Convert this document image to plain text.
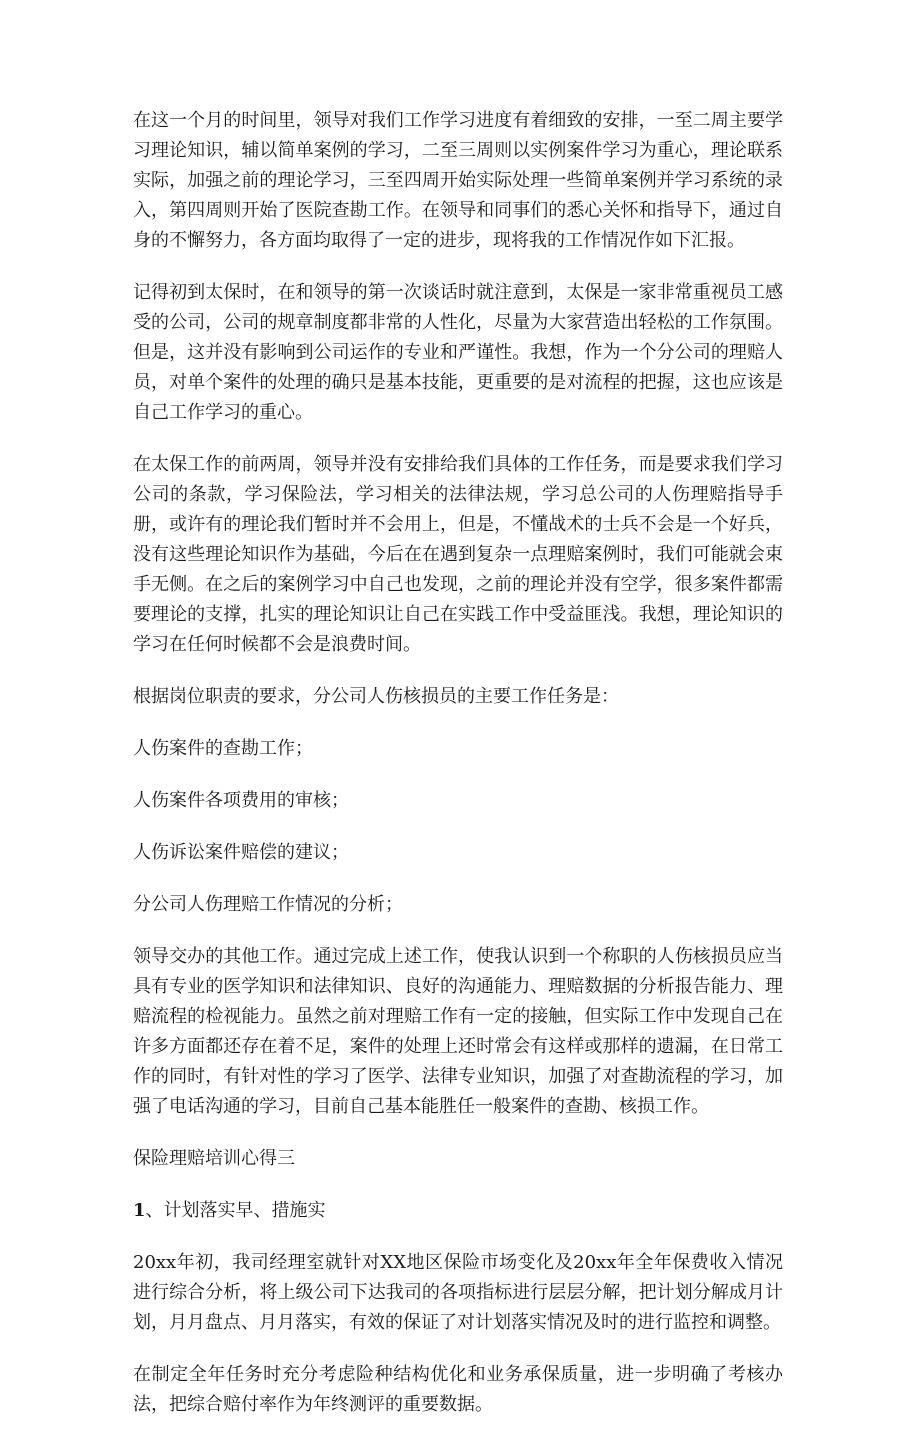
在这一个月的时间里，领导对我们工作学习进度有着细致的安排，一至二周主要学习理论知识，辅以简单案例的学习，二至三周则以实例案件学习为重心，理论联系实际，加强之前的理论学习，三至四周开始实际处理一些简单案例并学习系统的录入，第四周则开始了医院查勘工作。在领导和同事们的悉心关怀和指导下，通过自身的不懈努力，各方面均取得了一定的进步，现将我的工作情况作如下汇报。

记得初到太保时，在和领导的第一次谈话时就注意到，太保是一家非常重视员工感受的公司，公司的规章制度都非常的人性化，尽量为大家营造出轻松的工作氛围。但是，这并没有影响到公司运作的专业和严谨性。我想，作为一个分公司的理赔人员，对单个案件的处理的确只是基本技能，更重要的是对流程的把握，这也应该是自己工作学习的重心。

在太保工作的前两周，领导并没有安排给我们具体的工作任务，而是要求我们学习公司的条款，学习保险法，学习相关的法律法规，学习总公司的人伤理赔指导手册，或许有的理论我们暂时并不会用上，但是，不懂战术的士兵不会是一个好兵，没有这些理论知识作为基础，今后在在遇到复杂一点理赔案例时，我们可能就会束手无侧。在之后的案例学习中自己也发现，之前的理论并没有空学，很多案件都需要理论的支撑，扎实的理论知识让自己在实践工作中受益匪浅。我想，理论知识的学习在任何时候都不会是浪费时间。

根据岗位职责的要求，分公司人伤核损员的主要工作任务是：

人伤案件的查勘工作；

人伤案件各项费用的审核；

人伤诉讼案件赔偿的建议；

分公司人伤理赔工作情况的分析；

领导交办的其他工作。通过完成上述工作，使我认识到一个称职的人伤核损员应当具有专业的医学知识和法律知识、良好的沟通能力、理赔数据的分析报告能力、理赔流程的检视能力。虽然之前对理赔工作有一定的接触，但实际工作中发现自己在许多方面都还存在着不足，案件的处理上还时常会有这样或那样的遗漏，在日常工作的同时，有针对性的学习了医学、法律专业知识，加强了对查勘流程的学习，加强了电话沟通的学习，目前自己基本能胜任一般案件的查勘、核损工作。

保险理赔培训心得三

1、计划落实早、措施实

20xx年初，我司经理室就针对XX地区保险市场变化及20xx年全年保费收入情况进行综合分析，将上级公司下达我司的各项指标进行层层分解，把计划分解成月计划，月月盘点、月月落实，有效的保证了对计划落实情况及时的进行监控和调整。

在制定全年任务时充分考虑险种结构优化和业务承保质量，进一步明确了考核办法，把综合赔付率作为年终测评的重要数据。
